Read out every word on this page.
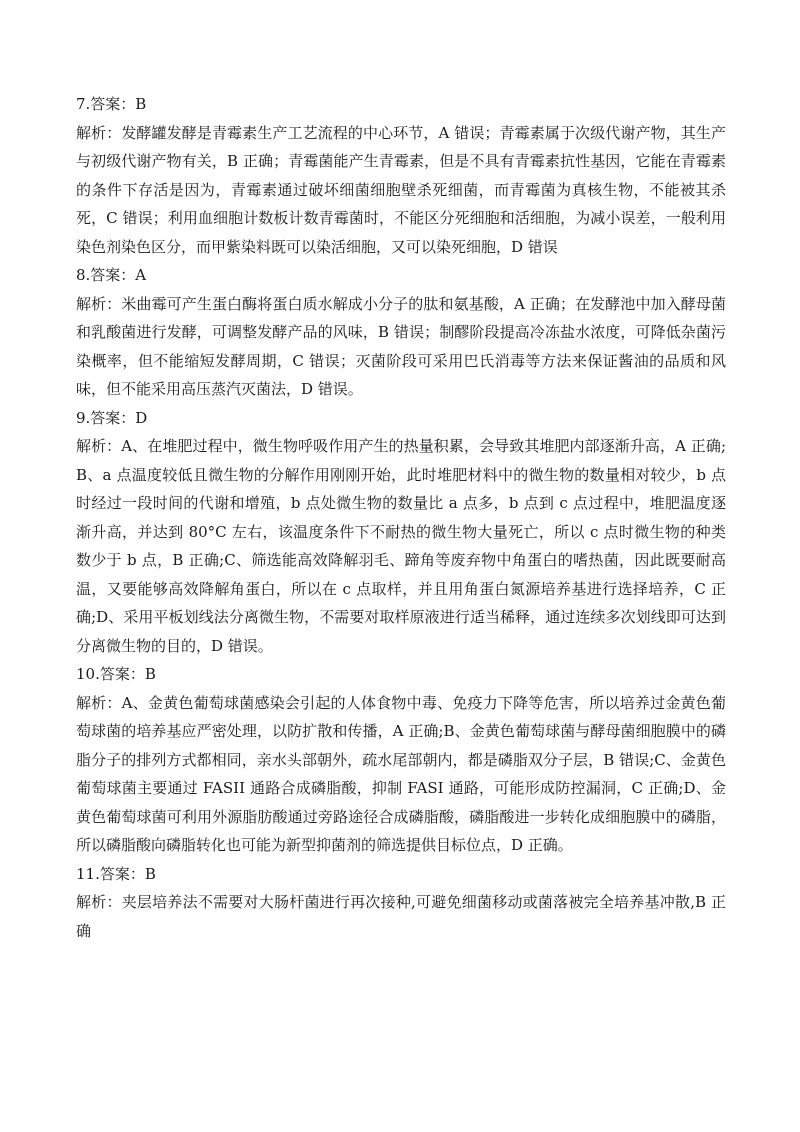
7.答案：B

解析：发酵罐发酵是青霉素生产工艺流程的中心环节，A 错误；青霉素属于次级代谢产物，其生产与初级代谢产物有关，B 正确；青霉菌能产生青霉素，但是不具有青霉素抗性基因，它能在青霉素的条件下存活是因为，青霉素通过破坏细菌细胞壁杀死细菌，而青霉菌为真核生物，不能被其杀死，C 错误；利用血细胞计数板计数青霉菌时，不能区分死细胞和活细胞，为减小误差，一般利用染色剂染色区分，而甲紫染料既可以染活细胞，又可以染死细胞，D 错误

8.答案：A

解析：米曲霉可产生蛋白酶将蛋白质水解成小分子的肽和氨基酸，A 正确；在发酵池中加入酵母菌和乳酸菌进行发酵，可调整发酵产品的风味，B 错误；制醪阶段提高冷冻盐水浓度，可降低杂菌污染概率，但不能缩短发酵周期，C 错误；灭菌阶段可采用巴氏消毒等方法来保证酱油的品质和风味，但不能采用高压蒸汽灭菌法，D 错误。

9.答案：D

解析：A、在堆肥过程中，微生物呼吸作用产生的热量积累，会导致其堆肥内部逐渐升高，A 正确;B、a 点温度较低且微生物的分解作用刚刚开始，此时堆肥材料中的微生物的数量相对较少，b 点时经过一段时间的代谢和增殖，b 点处微生物的数量比 a 点多，b 点到 c 点过程中，堆肥温度逐渐升高，并达到 80°C 左右，该温度条件下不耐热的微生物大量死亡，所以 c 点时微生物的种类数少于 b 点，B 正确;C、筛选能高效降解羽毛、蹄角等废弃物中角蛋白的嗜热菌，因此既要耐高温，又要能够高效降解角蛋白，所以在 c 点取样，并且用角蛋白氮源培养基进行选择培养，C 正确;D、采用平板划线法分离微生物，不需要对取样原液进行适当稀释，通过连续多次划线即可达到分离微生物的目的，D 错误。

10.答案：B

解析：A、金黄色葡萄球菌感染会引起的人体食物中毒、免疫力下降等危害，所以培养过金黄色葡萄球菌的培养基应严密处理，以防扩散和传播，A 正确;B、金黄色葡萄球菌与酵母菌细胞膜中的磷脂分子的排列方式都相同，亲水头部朝外，疏水尾部朝内，都是磷脂双分子层，B 错误;C、金黄色葡萄球菌主要通过 FASII 通路合成磷脂酸，抑制 FASI 通路，可能形成防控漏洞，C 正确;D、金黄色葡萄球菌可利用外源脂肪酸通过旁路途径合成磷脂酸，磷脂酸进一步转化成细胞膜中的磷脂，所以磷脂酸向磷脂转化也可能为新型抑菌剂的筛选提供目标位点，D 正确。

11.答案：B

解析：夹层培养法不需要对大肠杆菌进行再次接种,可避免细菌移动或菌落被完全培养基冲散,B 正确
